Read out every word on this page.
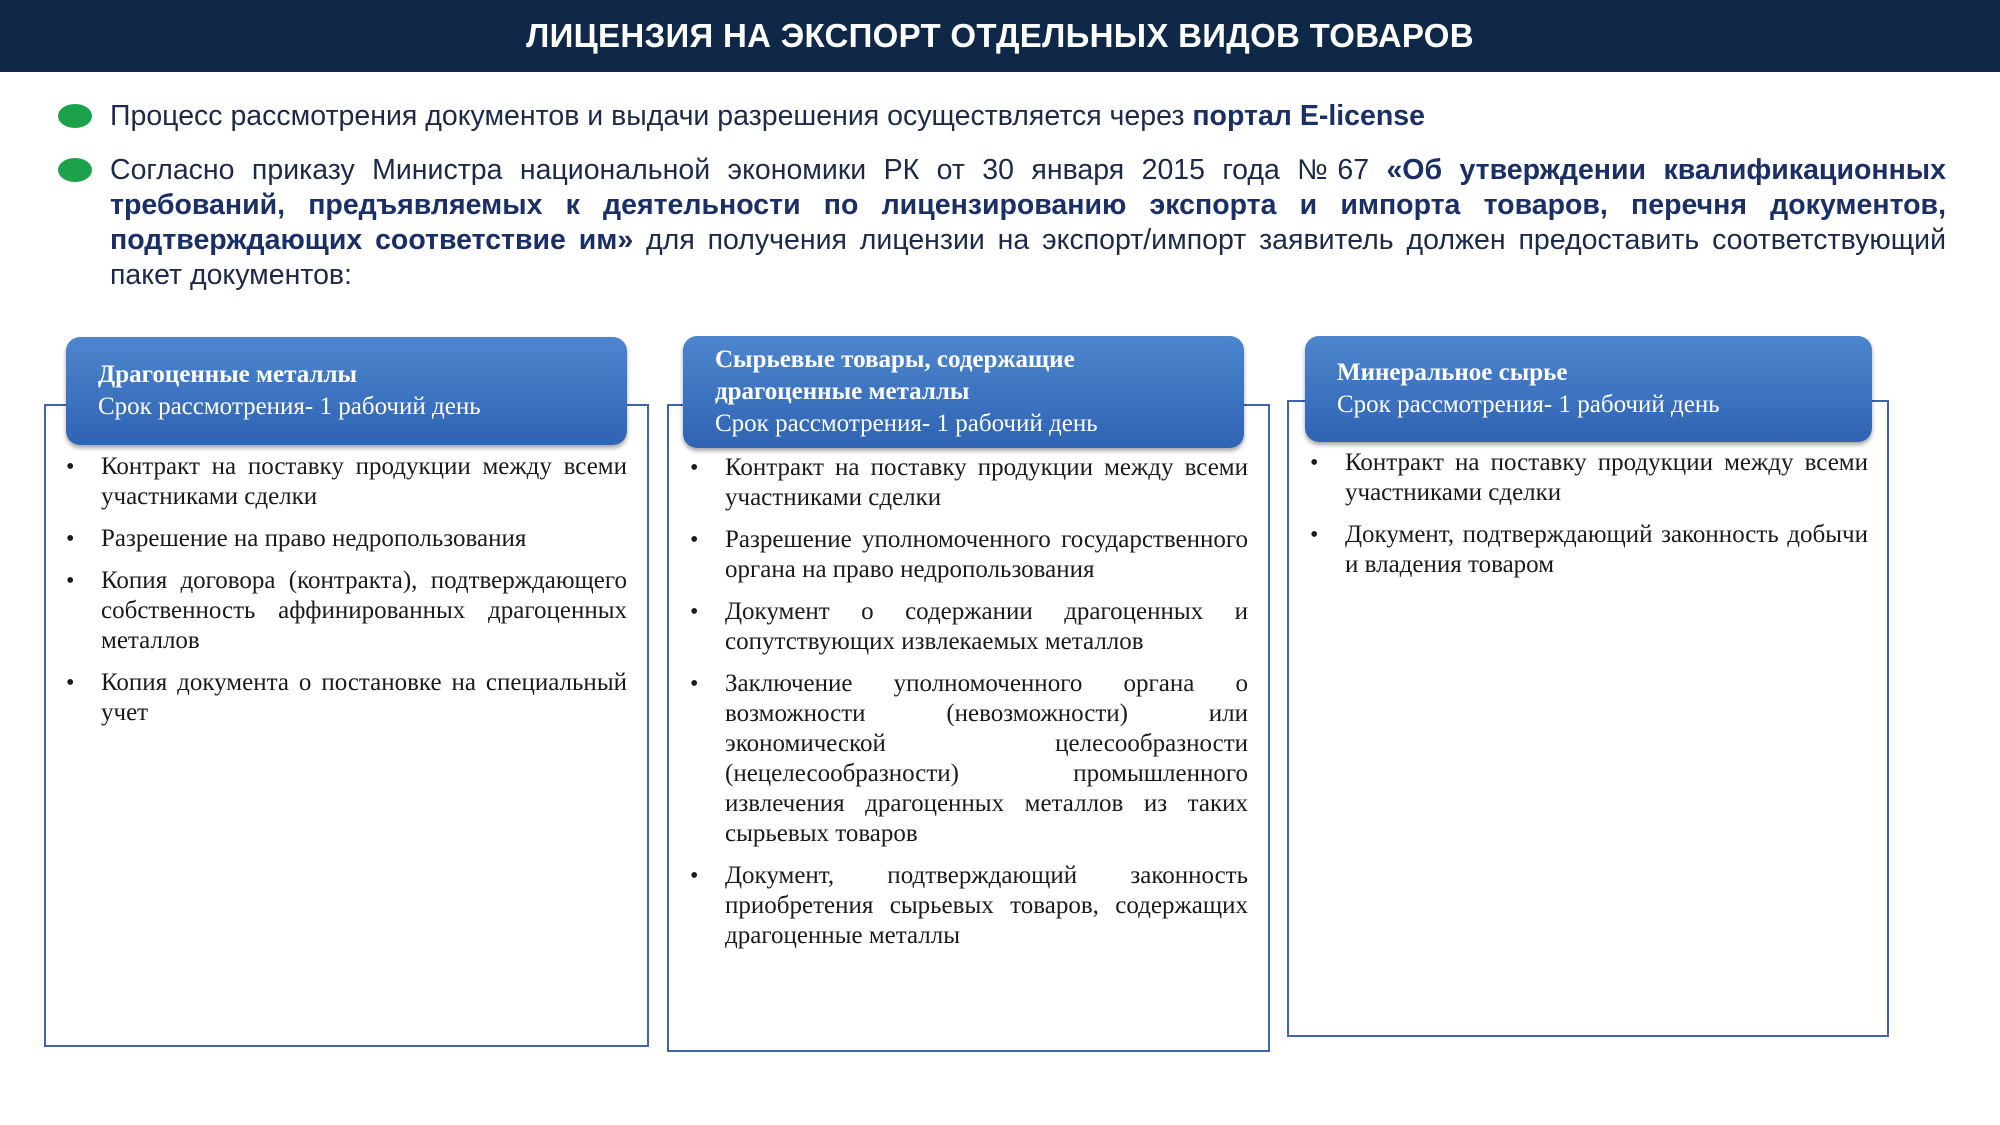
ЛИЦЕНЗИЯ НА ЭКСПОРТ ОТДЕЛЬНЫХ ВИДОВ ТОВАРОВ
Процесс рассмотрения документов и выдачи разрешения осуществляется через портал E-license
Согласно приказу Министра национальной экономики РК от 30 января 2015 года №67 «Об утверждении квалификационных требований, предъявляемых к деятельности по лицензированию экспорта и импорта товаров, перечня документов, подтверждающих соответствие им» для получения лицензии на экспорт/импорт заявитель должен предоставить соответствующий пакет документов:
Драгоценные металлы
Срок рассмотрения- 1 рабочий день
• Контракт на поставку продукции между всеми участниками сделки
• Разрешение на право недропользования
• Копия договора (контракта), подтверждающего собственность аффинированных драгоценных металлов
• Копия документа о постановке на специальный учет
Сырьевые товары, содержащие драгоценные металлы
Срок рассмотрения- 1 рабочий день
• Контракт на поставку продукции между всеми участниками сделки
• Разрешение уполномоченного государственного органа на право недропользования
• Документ о содержании драгоценных и сопутствующих извлекаемых металлов
• Заключение уполномоченного органа о возможности (невозможности) или экономической целесообразности (нецелесообразности) промышленного извлечения драгоценных металлов из таких сырьевых товаров
• Документ, подтверждающий законность приобретения сырьевых товаров, содержащих драгоценные металлы
Минеральное сырье
Срок рассмотрения- 1 рабочий день
• Контракт на поставку продукции между всеми участниками сделки
• Документ, подтверждающий законность добычи и владения товаром
